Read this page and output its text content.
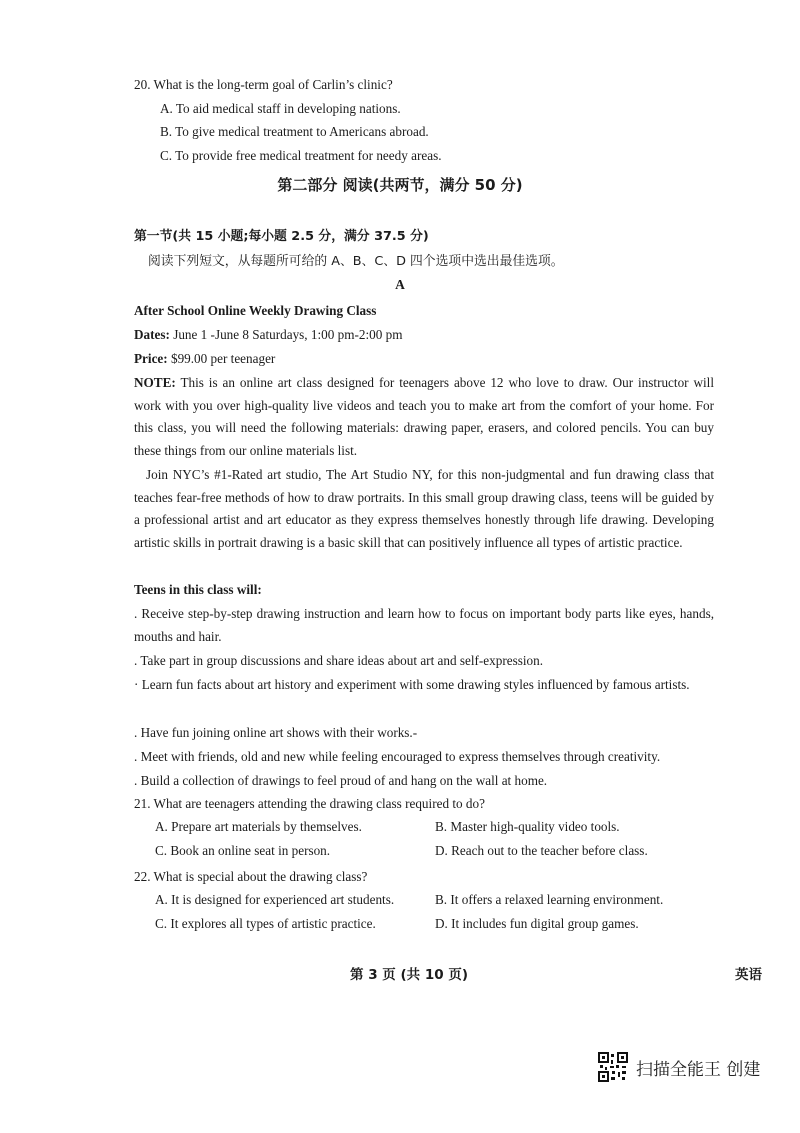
20. What is the long-term goal of Carlin’s clinic?
A. To aid medical staff in developing nations.
B. To give medical treatment to Americans abroad.
C. To provide free medical treatment for needy areas.
第二部分 阅读(共两节，满分 50 分)
第一节(共 15 小题;每小题 2.5 分，满分 37.5 分)
阅读下列短文，从每题所可给的 A、B、C、D 四个选项中选出最佳选项。
A
After School Online Weekly Drawing Class
Dates: June 1 -June 8 Saturdays, 1:00 pm-2:00 pm
Price: $99.00 per teenager
NOTE: This is an online art class designed for teenagers above 12 who love to draw. Our instructor will work with you over high-quality live videos and teach you to make art from the comfort of your home. For this class, you will need the following materials: drawing paper, erasers, and colored pencils. You can buy these things from our online materials list.
Join NYC’s #1-Rated art studio, The Art Studio NY, for this non-judgmental and fun drawing class that teaches fear-free methods of how to draw portraits. In this small group drawing class, teens will be guided by a professional artist and art educator as they express themselves honestly through life drawing. Developing artistic skills in portrait drawing is a basic skill that can positively influence all types of artistic practice.
Teens in this class will:
. Receive step-by-step drawing instruction and learn how to focus on important body parts like eyes, hands, mouths and hair.
. Take part in group discussions and share ideas about art and self-expression.
· Learn fun facts about art history and experiment with some drawing styles influenced by famous artists.
. Have fun joining online art shows with their works.-
. Meet with friends, old and new while feeling encouraged to express themselves through creativity.
. Build a collection of drawings to feel proud of and hang on the wall at home.
21. What are teenagers attending the drawing class required to do?
A. Prepare art materials by themselves.	B. Master high-quality video tools.
C. Book an online seat in person.	D. Reach out to the teacher before class.
22. What is special about the drawing class?
A. It is designed for experienced art students.	B. It offers a relaxed learning environment.
C. It explores all types of artistic practice.	D. It includes fun digital group games.
第 3 页 (共 10 页)	英语
扫描全能王 创建
